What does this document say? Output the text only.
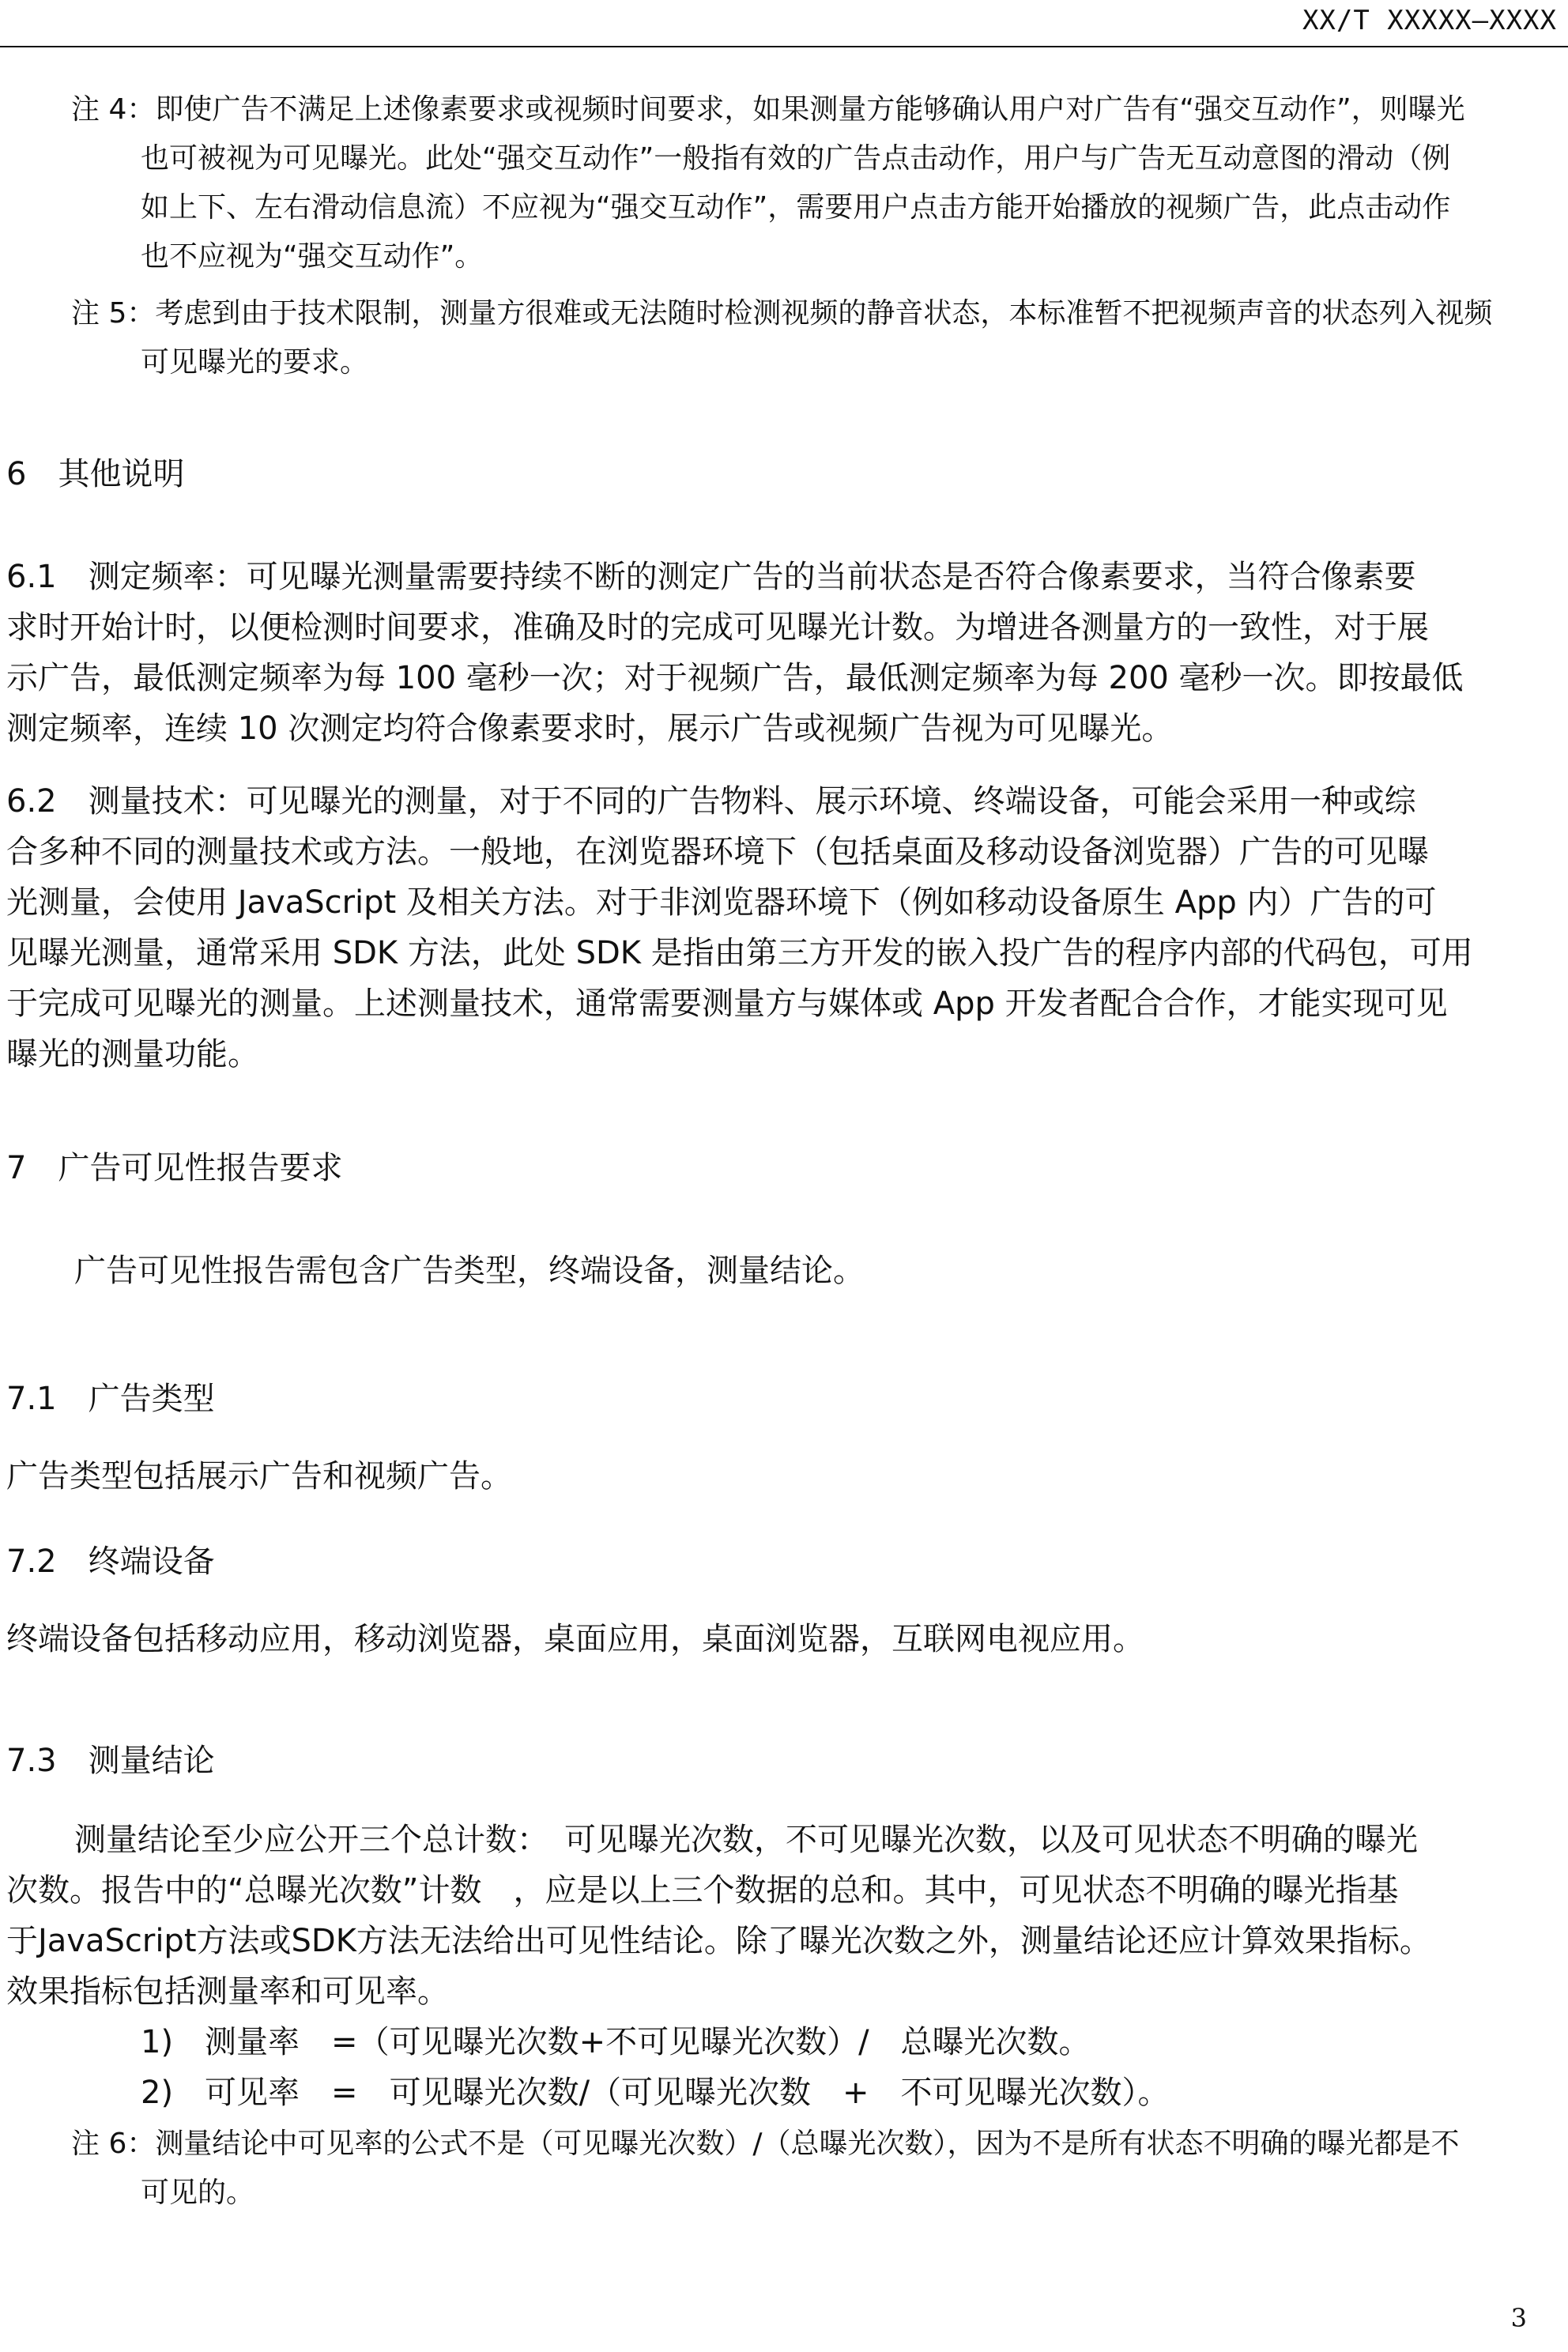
XX/T XXXXX—XXXX
注 4：即使广告不满足上述像素要求或视频时间要求，如果测量方能够确认用户对广告有“强交互动作”，则曝光
也可被视为可见曝光。此处“强交互动作”一般指有效的广告点击动作，用户与广告无互动意图的滑动（例
如上下、左右滑动信息流）不应视为“强交互动作”，需要用户点击方能开始播放的视频广告，此点击动作
也不应视为“强交互动作”。
注 5：考虑到由于技术限制，测量方很难或无法随时检测视频的静音状态，本标准暂不把视频声音的状态列入视频
可见曝光的要求。
6　其他说明
6.1　测定频率：可见曝光测量需要持续不断的测定广告的当前状态是否符合像素要求，当符合像素要
求时开始计时，以便检测时间要求，准确及时的完成可见曝光计数。为增进各测量方的一致性，对于展
示广告，最低测定频率为每 100 毫秒一次；对于视频广告，最低测定频率为每 200 毫秒一次。即按最低
测定频率，连续 10 次测定均符合像素要求时，展示广告或视频广告视为可见曝光。
6.2　测量技术：可见曝光的测量，对于不同的广告物料、展示环境、终端设备，可能会采用一种或综
合多种不同的测量技术或方法。一般地，在浏览器环境下（包括桌面及移动设备浏览器）广告的可见曝
光测量，会使用 JavaScript 及相关方法。对于非浏览器环境下（例如移动设备原生 App 内）广告的可
见曝光测量，通常采用 SDK 方法，此处 SDK 是指由第三方开发的嵌入投广告的程序内部的代码包，可用
于完成可见曝光的测量。上述测量技术，通常需要测量方与媒体或 App 开发者配合合作，才能实现可见
曝光的测量功能。
7　广告可见性报告要求
广告可见性报告需包含广告类型，终端设备，测量结论。
7.1　广告类型
广告类型包括展示广告和视频广告。
7.2　终端设备
终端设备包括移动应用，移动浏览器，桌面应用，桌面浏览器，互联网电视应用。
7.3　测量结论
测量结论至少应公开三个总计数：　可见曝光次数，不可见曝光次数，以及可见状态不明确的曝光
次数。报告中的“总曝光次数”计数　，应是以上三个数据的总和。其中，可见状态不明确的曝光指基
于JavaScript方法或SDK方法无法给出可见性结论。除了曝光次数之外，测量结论还应计算效果指标。
效果指标包括测量率和可见率。
1)　测量率　=（可见曝光次数+不可见曝光次数）/　总曝光次数。
2)　可见率　=　可见曝光次数/（可见曝光次数　+　不可见曝光次数）。
注 6：测量结论中可见率的公式不是（可见曝光次数）/（总曝光次数），因为不是所有状态不明确的曝光都是不
可见的。
3
